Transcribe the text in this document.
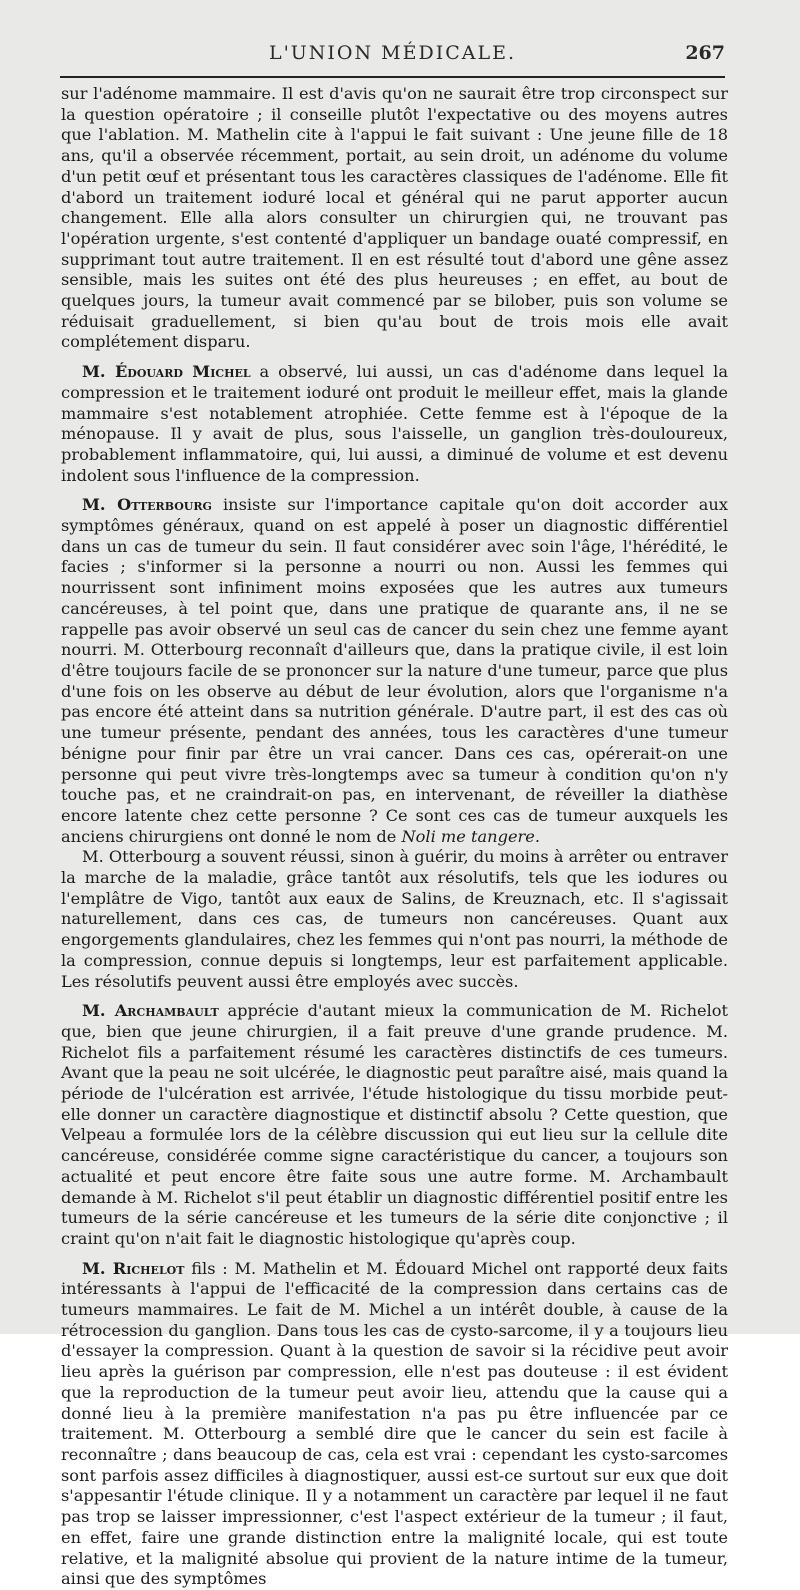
L'UNION MÉDICALE.	267

sur l'adénome mammaire. Il est d'avis qu'on ne saurait être trop circonspect sur la question opératoire ; il conseille plutôt l'expectative ou des moyens autres que l'ablation. M. Mathelin cite à l'appui le fait suivant : Une jeune fille de 18 ans, qu'il a observée récemment, portait, au sein droit, un adénome du volume d'un petit œuf et présentant tous les caractères classiques de l'adénome. Elle fit d'abord un traitement ioduré local et général qui ne parut apporter aucun changement. Elle alla alors consulter un chirurgien qui, ne trouvant pas l'opération urgente, s'est contenté d'appliquer un bandage ouaté compressif, en supprimant tout autre traitement. Il en est résulté tout d'abord une gêne assez sensible, mais les suites ont été des plus heureuses ; en effet, au bout de quelques jours, la tumeur avait commencé par se bilober, puis son volume se réduisait graduellement, si bien qu'au bout de trois mois elle avait complétement disparu.

M. Édouard Michel a observé, lui aussi, un cas d'adénome dans lequel la compression et le traitement ioduré ont produit le meilleur effet, mais la glande mammaire s'est notablement atrophiée. Cette femme est à l'époque de la ménopause. Il y avait de plus, sous l'aisselle, un ganglion très-douloureux, probablement inflammatoire, qui, lui aussi, a diminué de volume et est devenu indolent sous l'influence de la compression.

M. Otterbourg insiste sur l'importance capitale qu'on doit accorder aux symptômes généraux, quand on est appelé à poser un diagnostic différentiel dans un cas de tumeur du sein. Il faut considérer avec soin l'âge, l'hérédité, le facies ; s'informer si la personne a nourri ou non. Aussi les femmes qui nourrissent sont infiniment moins exposées que les autres aux tumeurs cancéreuses, à tel point que, dans une pratique de quarante ans, il ne se rappelle pas avoir observé un seul cas de cancer du sein chez une femme ayant nourri. M. Otterbourg reconnaît d'ailleurs que, dans la pratique civile, il est loin d'être toujours facile de se prononcer sur la nature d'une tumeur, parce que plus d'une fois on les observe au début de leur évolution, alors que l'organisme n'a pas encore été atteint dans sa nutrition générale. D'autre part, il est des cas où une tumeur présente, pendant des années, tous les caractères d'une tumeur bénigne pour finir par être un vrai cancer. Dans ces cas, opérerait-on une personne qui peut vivre très-longtemps avec sa tumeur à condition qu'on n'y touche pas, et ne craindrait-on pas, en intervenant, de réveiller la diathèse encore latente chez cette personne ? Ce sont ces cas de tumeur auxquels les anciens chirurgiens ont donné le nom de Noli me tangere.

M. Otterbourg a souvent réussi, sinon à guérir, du moins à arrêter ou entraver la marche de la maladie, grâce tantôt aux résolutifs, tels que les iodures ou l'emplâtre de Vigo, tantôt aux eaux de Salins, de Kreuznach, etc. Il s'agissait naturellement, dans ces cas, de tumeurs non cancéreuses. Quant aux engorgements glandulaires, chez les femmes qui n'ont pas nourri, la méthode de la compression, connue depuis si longtemps, leur est parfaitement applicable. Les résolutifs peuvent aussi être employés avec succès.

M. Archambault apprécie d'autant mieux la communication de M. Richelot que, bien que jeune chirurgien, il a fait preuve d'une grande prudence. M. Richelot fils a parfaitement résumé les caractères distinctifs de ces tumeurs. Avant que la peau ne soit ulcérée, le diagnostic peut paraître aisé, mais quand la période de l'ulcération est arrivée, l'étude histologique du tissu morbide peut-elle donner un caractère diagnostique et distinctif absolu ? Cette question, que Velpeau a formulée lors de la célèbre discussion qui eut lieu sur la cellule dite cancéreuse, considérée comme signe caractéristique du cancer, a toujours son actualité et peut encore être faite sous une autre forme. M. Archambault demande à M. Richelot s'il peut établir un diagnostic différentiel positif entre les tumeurs de la série cancéreuse et les tumeurs de la série dite conjonctive ; il craint qu'on n'ait fait le diagnostic histologique qu'après coup.

M. Richelot fils : M. Mathelin et M. Édouard Michel ont rapporté deux faits intéressants à l'appui de l'efficacité de la compression dans certains cas de tumeurs mammaires. Le fait de M. Michel a un intérêt double, à cause de la rétrocession du ganglion. Dans tous les cas de cysto-sarcome, il y a toujours lieu d'essayer la compression. Quant à la question de savoir si la récidive peut avoir lieu après la guérison par compression, elle n'est pas douteuse : il est évident que la reproduction de la tumeur peut avoir lieu, attendu que la cause qui a donné lieu à la première manifestation n'a pas pu être influencée par ce traitement. M. Otterbourg a semblé dire que le cancer du sein est facile à reconnaître ; dans beaucoup de cas, cela est vrai : cependant les cysto-sarcomes sont parfois assez difficiles à diagnostiquer, aussi est-ce surtout sur eux que doit s'appesantir l'étude clinique. Il y a notamment un caractère par lequel il ne faut pas trop se laisser impressionner, c'est l'aspect extérieur de la tumeur ; il faut, en effet, faire une grande distinction entre la malignité locale, qui est toute relative, et la malignité absolue qui provient de la nature intime de la tumeur, ainsi que des symptômes
